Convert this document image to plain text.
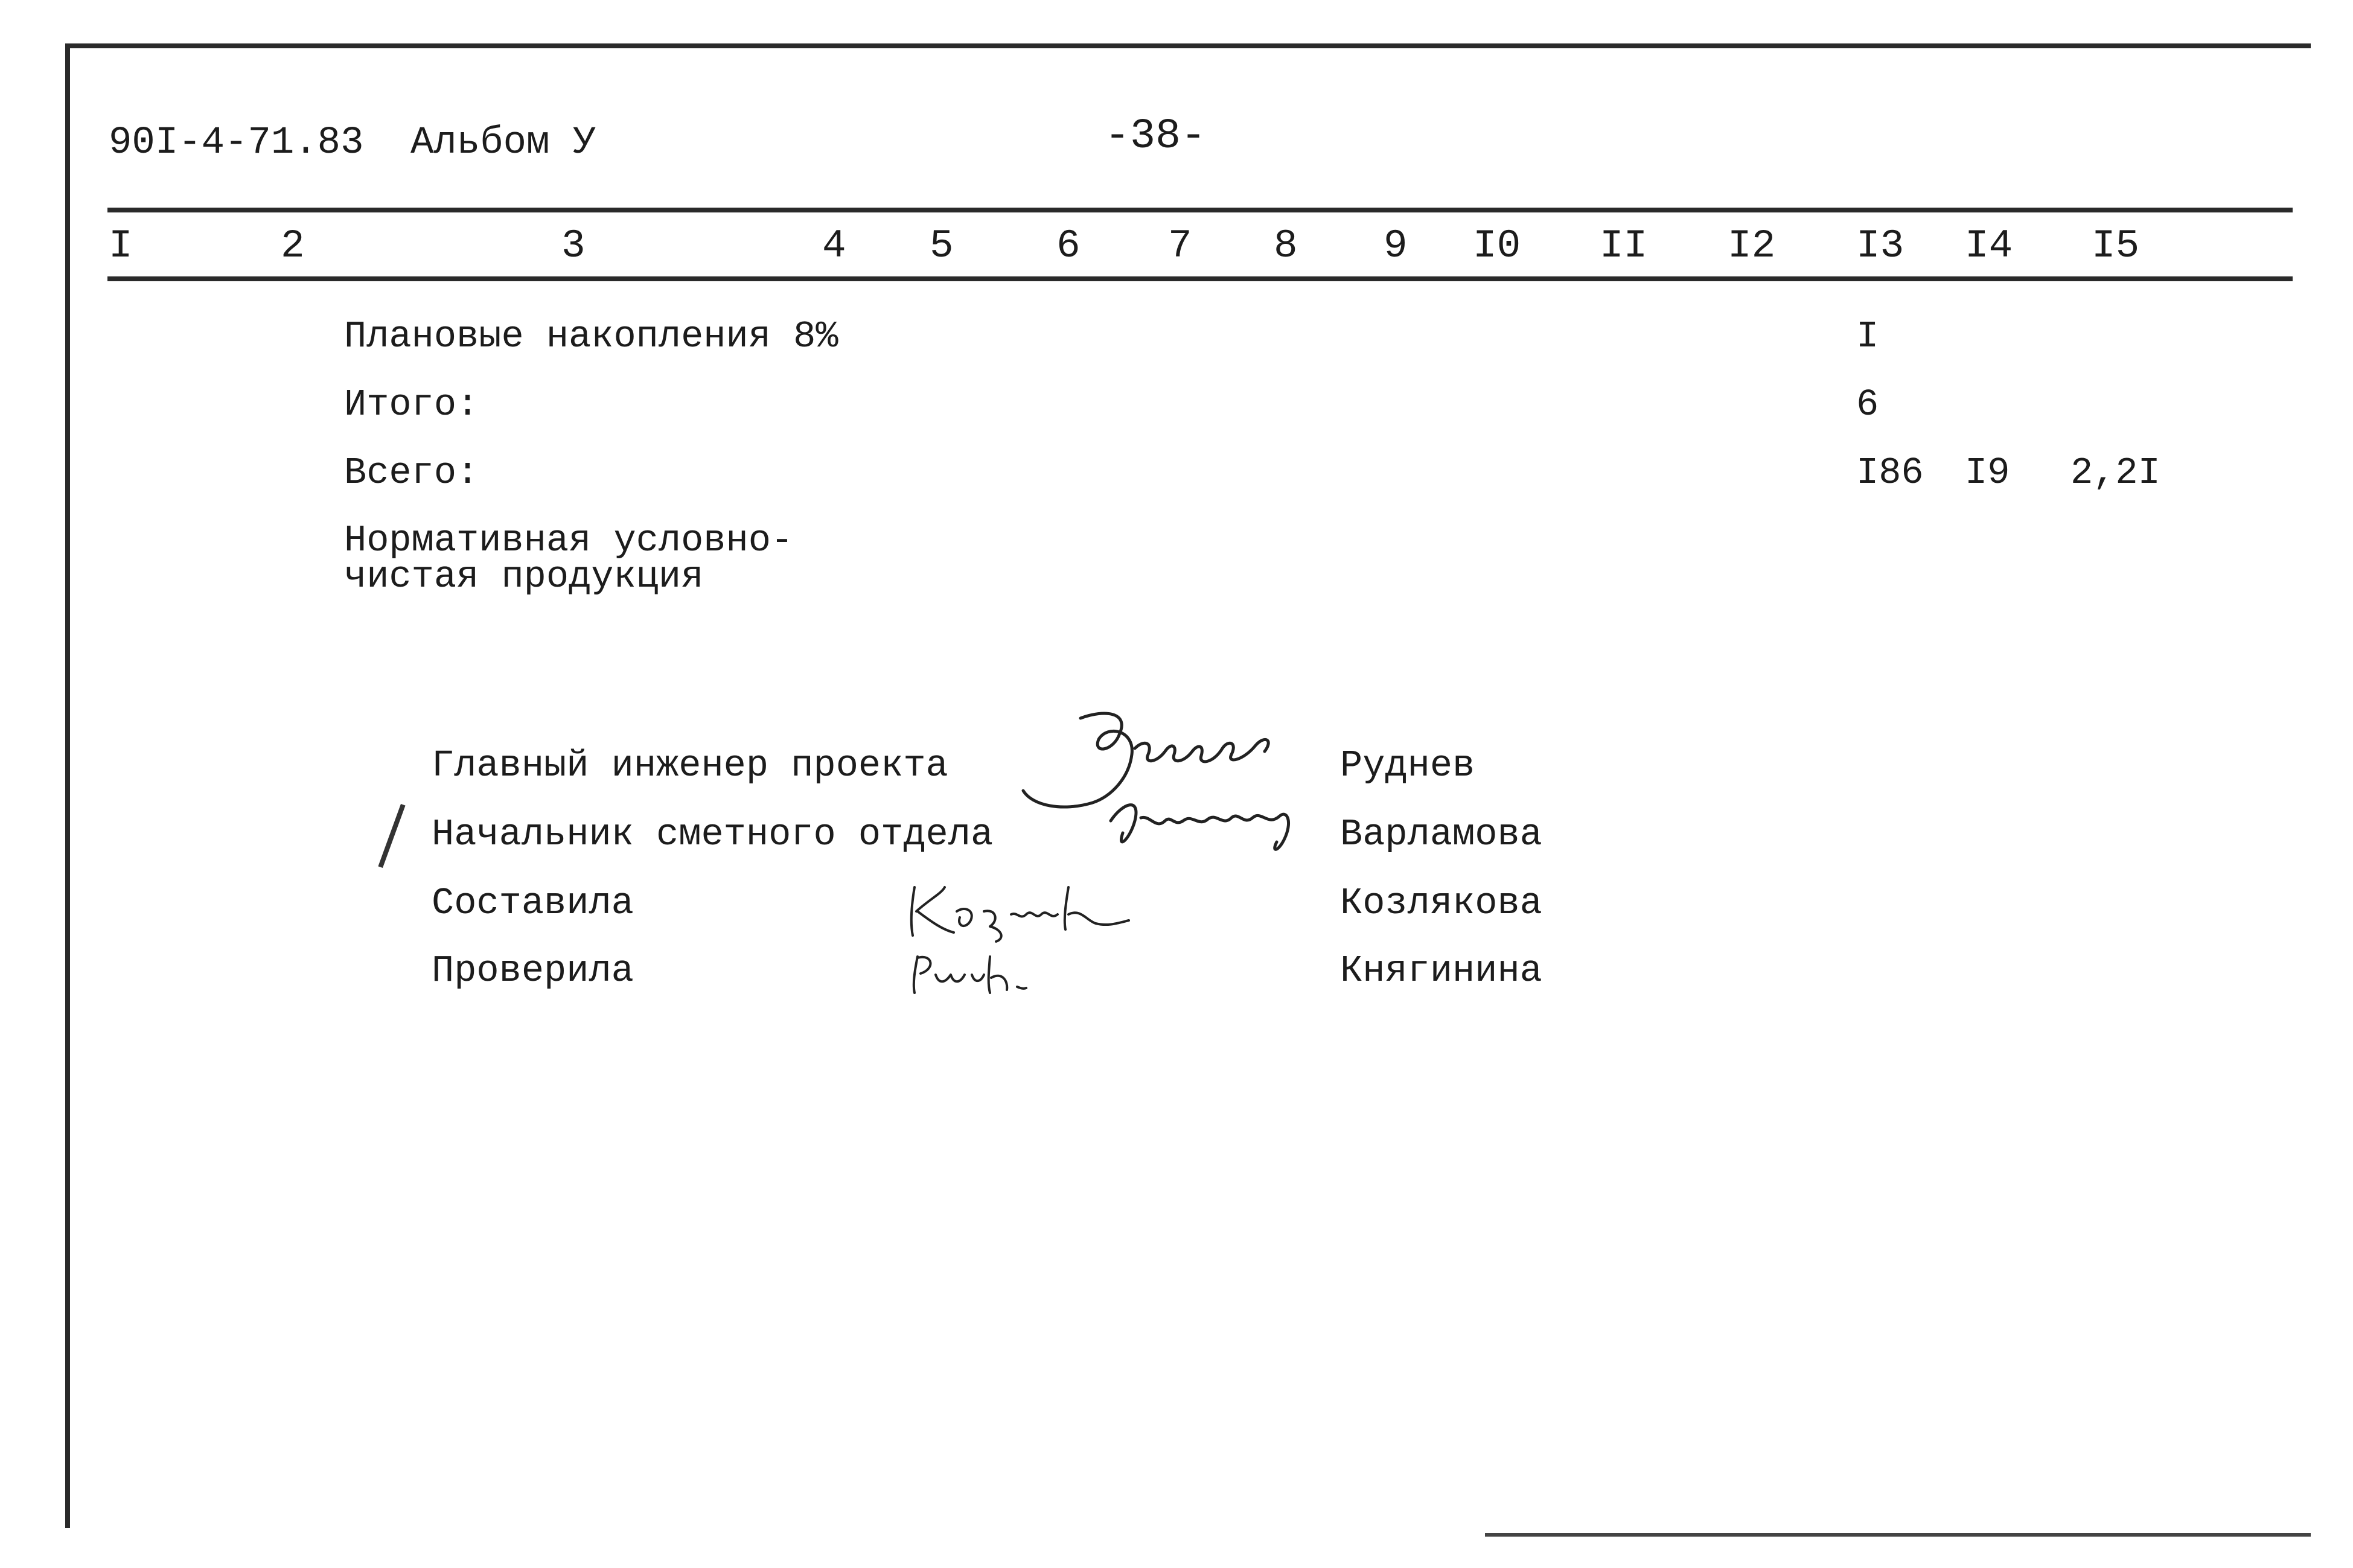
90I-4-71.83 Альбом У	-38-
I	2	3	4 5	6 7 8 9 I0 II I2 I3 I4 I5
Плановые накопления 8%	I
Итого:	6
Всего:	I86 I9 2,2I
Нормативная условно-
чистая продукция
Главный инженер проекта	Руднев
Начальник сметного отдела	Варламова
Составила	Козлякова
Проверила	Княгинина
